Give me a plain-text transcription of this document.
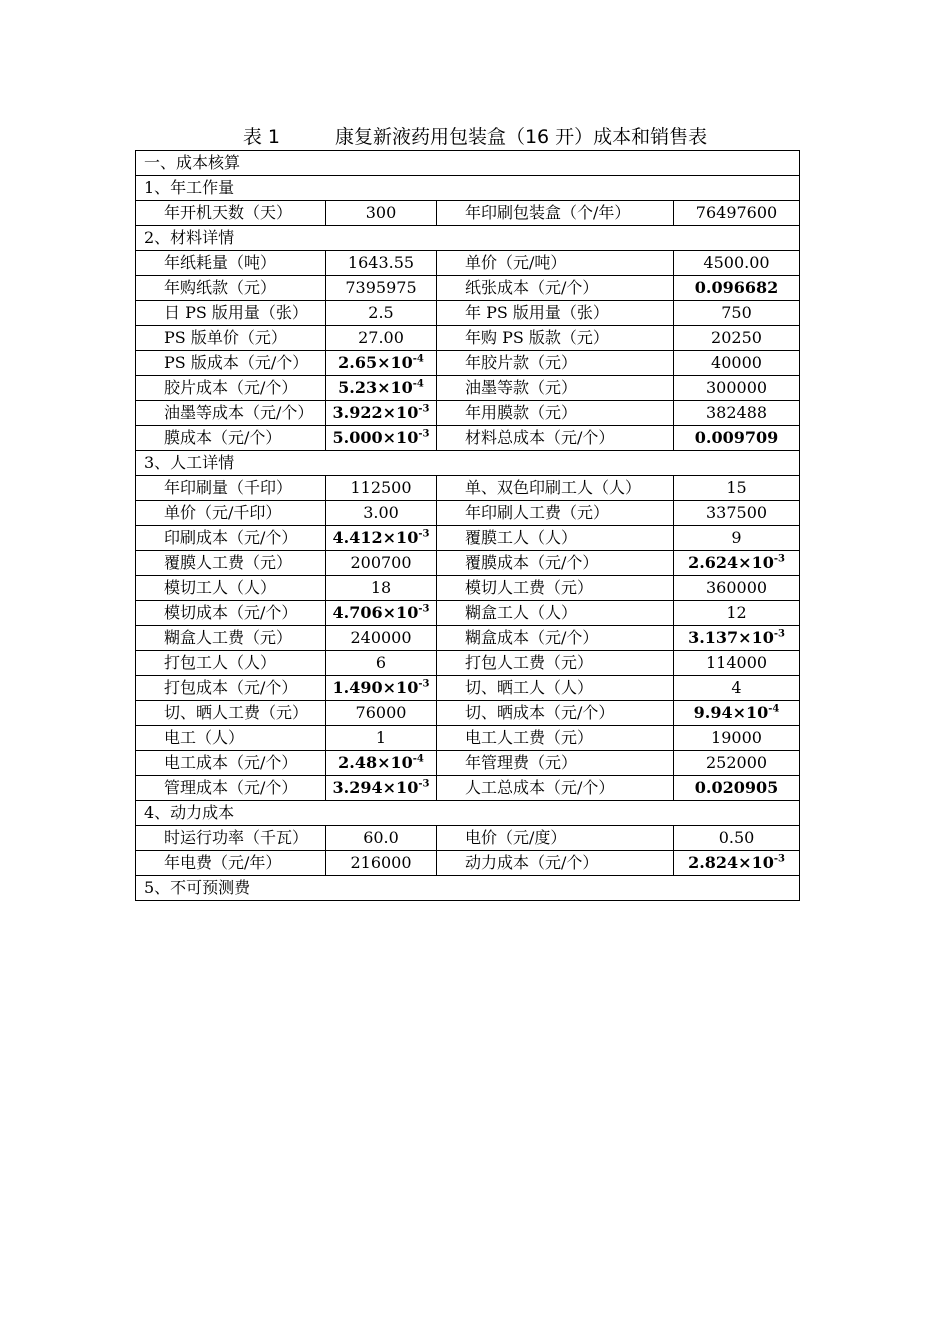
表 1	康复新液药用包装盒（16 开）成本和销售表
一、成本核算			
1、年工作量			
年开机天数（天）	300	年印刷包装盒（个/年）	76497600
2、材料详情			
年纸耗量（吨）	1643.55	单价（元/吨）	4500.00
年购纸款（元）	7395975	纸张成本（元/个）	0.096682
日 PS 版用量（张）	2.5	年 PS 版用量（张）	750
PS 版单价（元）	27.00	年购 PS 版款（元）	20250
PS 版成本（元/个）	$2.65\times 10^{-4}$	年胶片款（元）	40000
胶片成本（元/个）	$5.23\times 10^{-4}$	油墨等款（元）	300000
油墨等成本（元/个）	$3.922\times 10^{-3}$	年用膜款（元）	382488
膜成本（元/个）	$5.000\times 10^{-3}$	材料总成本（元/个）	0.009709
3、人工详情			
年印刷量（千印）	112500	单、双色印刷工人（人）	15
单价（元/千印）	3.00	年印刷人工费（元）	337500
印刷成本（元/个）	$4.412\times 10^{-3}$	覆膜工人（人）	9
覆膜人工费（元）	200700	覆膜成本（元/个）	$2.624\times 10^{-3}$
模切工人（人）	18	模切人工费（元）	360000
模切成本（元/个）	$4.706\times 10^{-3}$	糊盒工人（人）	12
糊盒人工费（元）	240000	糊盒成本（元/个）	$3.137\times 10^{-3}$
打包工人（人）	6	打包人工费（元）	114000
打包成本（元/个）	$1.490\times 10^{-3}$	切、晒工人（人）	4
切、晒人工费（元）	76000	切、晒成本（元/个）	$9.94\times 10^{-4}$
电工（人）	1	电工人工费（元）	19000
电工成本（元/个）	$2.48\times 10^{-4}$	年管理费（元）	252000
管理成本（元/个）	$3.294\times 10^{-3}$	人工总成本（元/个）	0.020905
4、动力成本			
时运行功率（千瓦）	60.0	电价（元/度）	0.50
年电费（元/年）	216000	动力成本（元/个）	$2.824\times 10^{-3}$
5、不可预测费			
